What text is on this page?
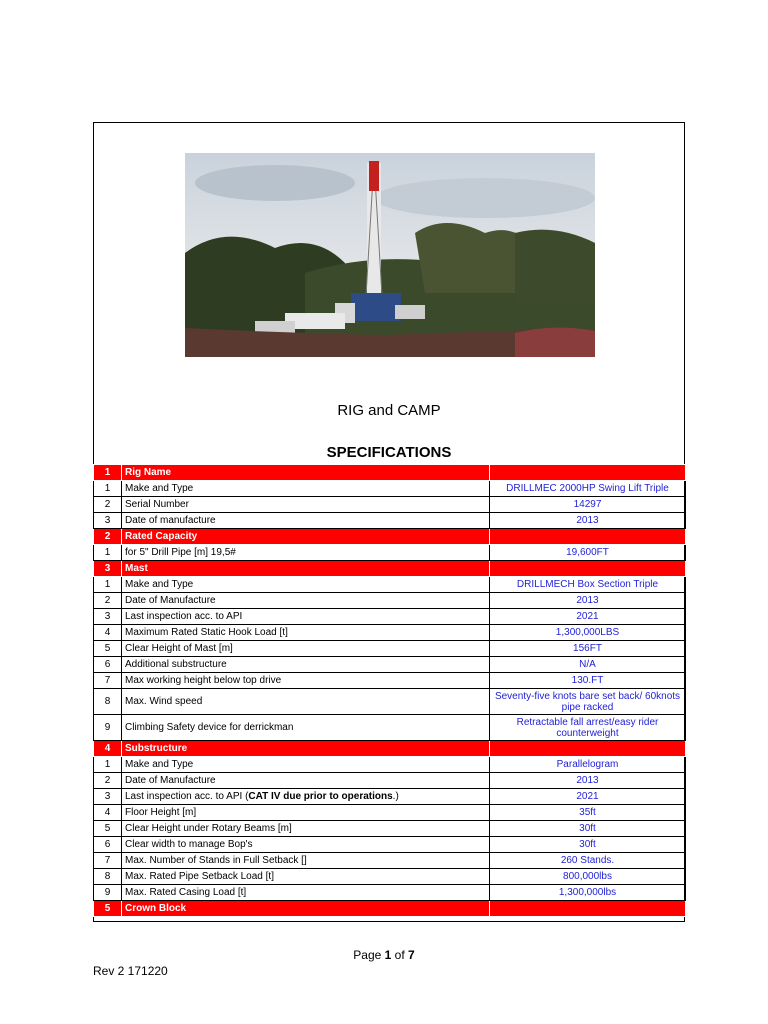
RIG and CAMP
SPECIFICATIONS
1	Rig Name	
1	Make and Type	DRILLMEC 2000HP Swing Lift Triple
2	Serial Number	14297
3	Date of manufacture	2013
2	Rated Capacity	
1	for 5" Drill Pipe [m] 19,5#	19,600FT
3	Mast	
1	Make and Type	DRILLMECH Box Section Triple
2	Date of Manufacture	2013
3	Last inspection acc. to API	2021
4	Maximum Rated Static Hook Load [t]	1,300,000LBS
5	Clear Height of Mast [m]	156FT
6	Additional substructure	N/A
7	Max working height below top drive	130.FT
8	Max. Wind speed	Seventy-five knots bare set back/ 60knots pipe racked
9	Climbing Safety device for derrickman	Retractable fall arrest/easy rider counterweight
4	Substructure	
1	Make and Type	Parallelogram
2	Date of Manufacture	2013
3	Last inspection acc. to API (CAT IV due prior to operations.)	2021
4	Floor Height [m]	35ft
5	Clear Height under Rotary Beams [m]	30ft
6	Clear width to manage Bop's	30ft
7	Max. Number of Stands in Full Setback []	260 Stands.
8	Max. Rated Pipe Setback Load [t]	800,000lbs
9	Max. Rated Casing Load [t]	1,300,000lbs
5	Crown Block	
Page 1 of 7
Rev 2 171220
